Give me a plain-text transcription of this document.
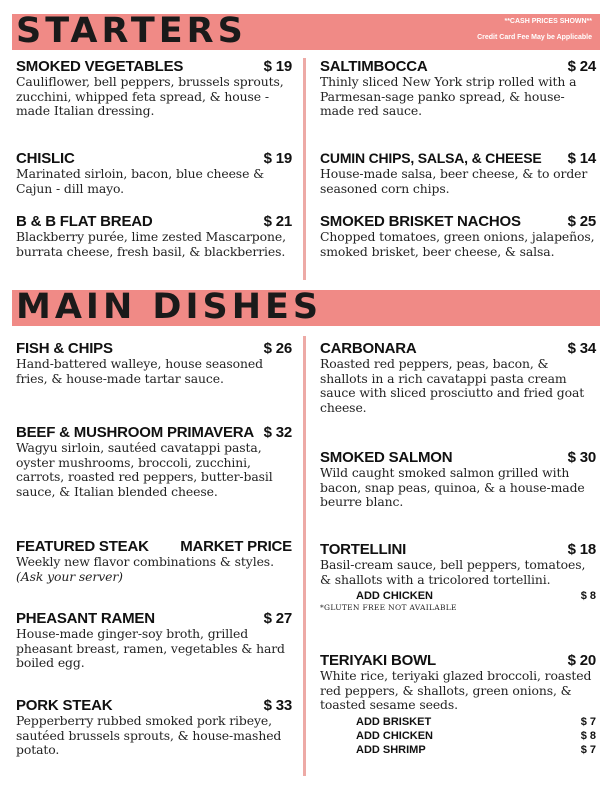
STARTERS	**CASH PRICES SHOWN**
Credit Card Fee May be Applicable
SMOKED VEGETABLES	$ 19
Cauliflower, bell peppers, brussels sprouts, zucchini, whipped feta spread, & house - made Italian dressing.
CHISLIC	$ 19
Marinated sirloin, bacon, blue cheese & Cajun - dill mayo.
B & B FLAT BREAD	$ 21
Blackberry purée, lime zested Mascarpone, burrata cheese, fresh basil, & blackberries.
SALTIMBOCCA	$ 24
Thinly sliced New York strip rolled with a Parmesan-sage panko spread, & house-made red sauce.
CUMIN CHIPS, SALSA, & CHEESE $ 14
House-made salsa, beer cheese, & to order seasoned corn chips.
SMOKED BRISKET NACHOS	$ 25
Chopped tomatoes, green onions, jalapeños, smoked brisket, beer cheese, & salsa.
MAIN DISHES
FISH & CHIPS	$ 26
Hand-battered walleye, house seasoned fries, & house-made tartar sauce.
BEEF & MUSHROOM PRIMAVERA $ 32
Wagyu sirloin, sautéed cavatappi pasta, oyster mushrooms, broccoli, zucchini, carrots, roasted red peppers, butter-basil sauce, & Italian blended cheese.
FEATURED STEAK MARKET PRICE
Weekly new flavor combinations & styles. (Ask your server)
PHEASANT RAMEN	$ 27
House-made ginger-soy broth, grilled pheasant breast, ramen, vegetables & hard boiled egg.
PORK STEAK	$ 33
Pepperberry rubbed smoked pork ribeye, sautéed brussels sprouts, & house-mashed potato.
CARBONARA	$ 34
Roasted red peppers, peas, bacon, & shallots in a rich cavatappi pasta cream sauce with sliced prosciutto and fried goat cheese.
SMOKED SALMON	$ 30
Wild caught smoked salmon grilled with bacon, snap peas, quinoa, & a house-made beurre blanc.
TORTELLINI	$ 18
Basil-cream sauce, bell peppers, tomatoes, & shallots with a tricolored tortellini.
ADD CHICKEN	$ 8
*GLUTEN FREE NOT AVAILABLE
TERIYAKI BOWL	$ 20
White rice, teriyaki glazed broccoli, roasted red peppers, & shallots, green onions, & toasted sesame seeds.
ADD BRISKET	$ 7
ADD CHICKEN	$ 8
ADD SHRIMP	$ 7
